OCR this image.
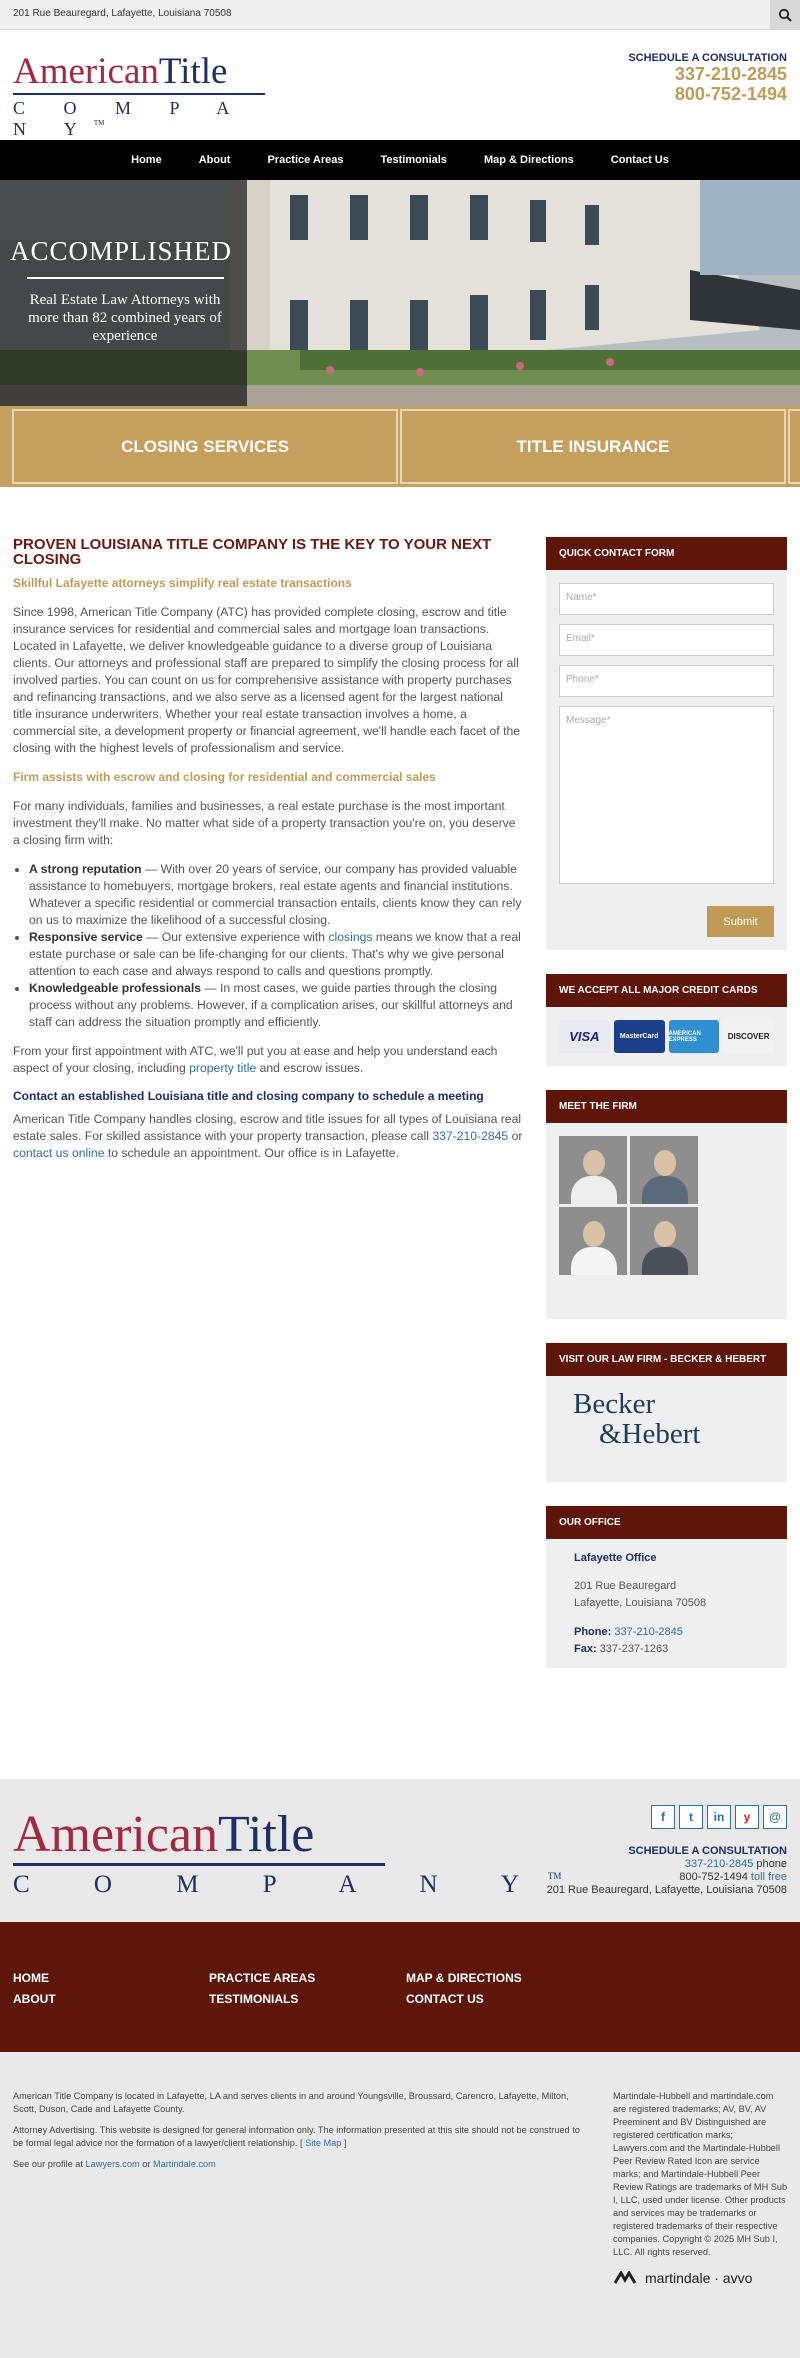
201 Rue Beauregard, Lafayette, Louisiana 70508
AmericanTitle
C O M P A N Y™
SCHEDULE A CONSULTATION
337-210-2845
800-752-1494
Home	About	Practice Areas	Testimonials	Map & Directions	Contact Us
ACCOMPLISHED
Real Estate Law Attorneys with more than 82 combined years of experience
CLOSING SERVICES	TITLE INSURANCE
PROVEN LOUISIANA TITLE COMPANY IS THE KEY TO YOUR NEXT CLOSING
Skillful Lafayette attorneys simplify real estate transactions

Since 1998, American Title Company (ATC) has provided complete closing, escrow and title insurance services for residential and commercial sales and mortgage loan transactions. Located in Lafayette, we deliver knowledgeable guidance to a diverse group of Louisiana clients. Our attorneys and professional staff are prepared to simplify the closing process for all involved parties. You can count on us for comprehensive assistance with property purchases and refinancing transactions, and we also serve as a licensed agent for the largest national title insurance underwriters. Whether your real estate transaction involves a home, a commercial site, a development property or financial agreement, we'll handle each facet of the closing with the highest levels of professionalism and service.

Firm assists with escrow and closing for residential and commercial sales

For many individuals, families and businesses, a real estate purchase is the most important investment they'll make. No matter what side of a property transaction you're on, you deserve a closing firm with:

• A strong reputation — With over 20 years of service, our company has provided valuable assistance to homebuyers, mortgage brokers, real estate agents and financial institutions. Whatever a specific residential or commercial transaction entails, clients know they can rely on us to maximize the likelihood of a successful closing.
• Responsive service — Our extensive experience with closings means we know that a real estate purchase or sale can be life-changing for our clients. That's why we give personal attention to each case and always respond to calls and questions promptly.
• Knowledgeable professionals — In most cases, we guide parties through the closing process without any problems. However, if a complication arises, our skillful attorneys and staff can address the situation promptly and efficiently.

From your first appointment with ATC, we'll put you at ease and help you understand each aspect of your closing, including property title and escrow issues.

Contact an established Louisiana title and closing company to schedule a meeting

American Title Company handles closing, escrow and title issues for all types of Louisiana real estate sales. For skilled assistance with your property transaction, please call 337-210-2845 or contact us online to schedule an appointment. Our office is in Lafayette.

QUICK CONTACT FORM
Name*
Email*
Phone*
Message*
Submit
WE ACCEPT ALL MAJOR CREDIT CARDS
VISA	MasterCard	AMERICAN EXPRESS	DISCOVER
MEET THE FIRM
VISIT OUR LAW FIRM - BECKER & HEBERT
Becker
&Hebert
OUR OFFICE
Lafayette Office

201 Rue Beauregard

Lafayette, Louisiana 70508

Phone: 337-210-2845

Fax: 337-237-1263

AmericanTitle
C O M P A N Y™
f	t	in	y	@
SCHEDULE A CONSULTATION
337-210-2845 phone
800-752-1494 toll free
201 Rue Beauregard, Lafayette, Louisiana 70508
HOME
ABOUT
PRACTICE AREAS
TESTIMONIALS
MAP & DIRECTIONS
CONTACT US

American Title Company is located in Lafayette, LA and serves clients in and around Youngsville, Broussard, Carencro, Lafayette, Milton, Scott, Duson, Cade and Lafayette County.

Attorney Advertising. This website is designed for general information only. The information presented at this site should not be construed to be formal legal advice nor the formation of a lawyer/client relationship. [ Site Map ]

See our profile at Lawyers.com or Martindale.com

Martindale-Hubbell and martindale.com are registered trademarks; AV, BV, AV Preeminent and BV Distinguished are registered certification marks; Lawyers.com and the Martindale-Hubbell Peer Review Rated Icon are service marks; and Martindale-Hubbell Peer Review Ratings are trademarks of MH Sub I, LLC, used under license. Other products and services may be trademarks or registered trademarks of their respective companies. Copyright © 2025 MH Sub I, LLC. All rights reserved.

martindale · avvo
